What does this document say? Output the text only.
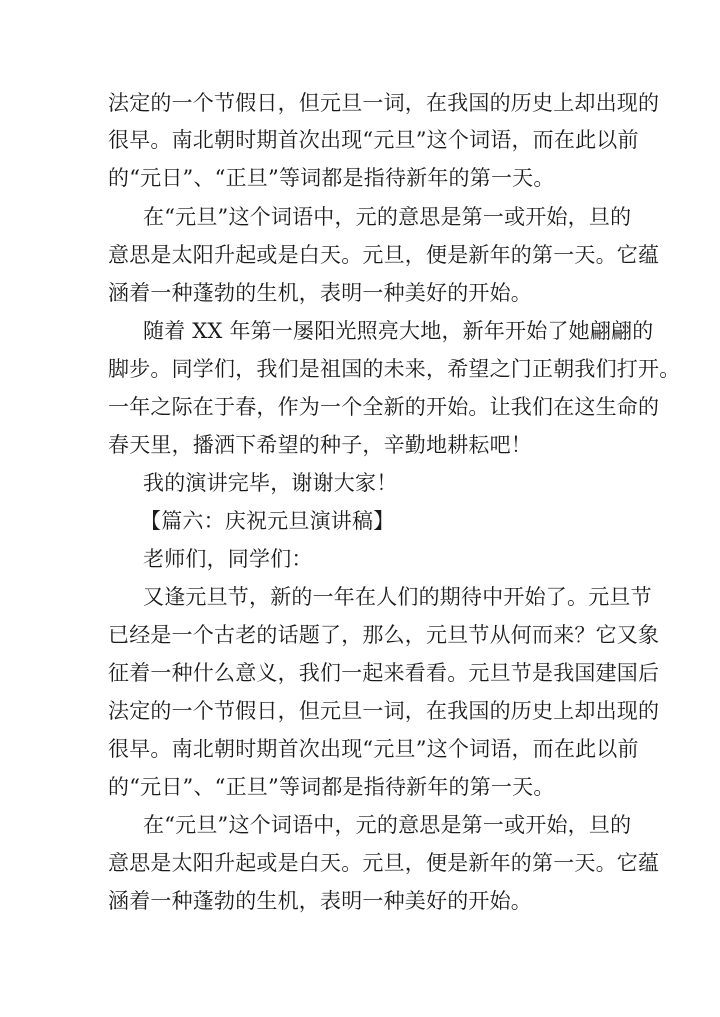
法定的一个节假日，但元旦一词，在我国的历史上却出现的
很早。南北朝时期首次出现“元旦”这个词语，而在此以前
的“元日”、“正旦”等词都是指待新年的第一天。
在“元旦”这个词语中，元的意思是第一或开始，旦的
意思是太阳升起或是白天。元旦，便是新年的第一天。它蕴
涵着一种蓬勃的生机，表明一种美好的开始。
随着 XX 年第一屡阳光照亮大地，新年开始了她翩翩的
脚步。同学们，我们是祖国的未来，希望之门正朝我们打开。
一年之际在于春，作为一个全新的开始。让我们在这生命的
春天里，播洒下希望的种子，辛勤地耕耘吧！
我的演讲完毕，谢谢大家！
【篇六：庆祝元旦演讲稿】
老师们，同学们：
又逢元旦节，新的一年在人们的期待中开始了。元旦节
已经是一个古老的话题了，那么，元旦节从何而来？它又象
征着一种什么意义，我们一起来看看。元旦节是我国建国后
法定的一个节假日，但元旦一词，在我国的历史上却出现的
很早。南北朝时期首次出现“元旦”这个词语，而在此以前
的“元日”、“正旦”等词都是指待新年的第一天。
在“元旦”这个词语中，元的意思是第一或开始，旦的
意思是太阳升起或是白天。元旦，便是新年的第一天。它蕴
涵着一种蓬勃的生机，表明一种美好的开始。
